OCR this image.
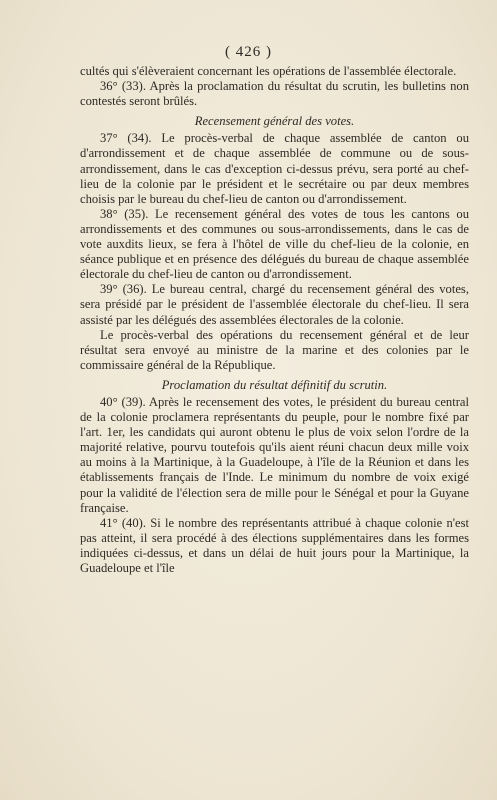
( 426 )

cultés qui s'élèveraient concernant les opérations de l'assemblée électorale.

36° (33). Après la proclamation du résultat du scrutin, les bulletins non contestés seront brûlés.

Recensement général des votes.

37° (34). Le procès-verbal de chaque assemblée de canton ou d'arrondissement et de chaque assemblée de commune ou de sous-arrondissement, dans le cas d'exception ci-dessus prévu, sera porté au chef-lieu de la colonie par le président et le secrétaire ou par deux membres choisis par le bureau du chef-lieu de canton ou d'arrondissement.

38° (35). Le recensement général des votes de tous les cantons ou arrondissements et des communes ou sous-arrondissements, dans le cas de vote auxdits lieux, se fera à l'hôtel de ville du chef-lieu de la colonie, en séance publique et en présence des délégués du bureau de chaque assemblée électorale du chef-lieu de canton ou d'arrondissement.

39° (36). Le bureau central, chargé du recensement général des votes, sera présidé par le président de l'assemblée électorale du chef-lieu. Il sera assisté par les délégués des assemblées électorales de la colonie.

Le procès-verbal des opérations du recensement général et de leur résultat sera envoyé au ministre de la marine et des colonies par le commissaire général de la République.

Proclamation du résultat définitif du scrutin.

40° (39). Après le recensement des votes, le président du bureau central de la colonie proclamera représentants du peuple, pour le nombre fixé par l'art. 1er, les candidats qui auront obtenu le plus de voix selon l'ordre de la majorité relative, pourvu toutefois qu'ils aient réuni chacun deux mille voix au moins à la Martinique, à la Guadeloupe, à l'île de la Réunion et dans les établissements français de l'Inde. Le minimum du nombre de voix exigé pour la validité de l'élection sera de mille pour le Sénégal et pour la Guyane française.

41° (40). Si le nombre des représentants attribué à chaque colonie n'est pas atteint, il sera procédé à des élections supplémentaires dans les formes indiquées ci-dessus, et dans un délai de huit jours pour la Martinique, la Guadeloupe et l'île
